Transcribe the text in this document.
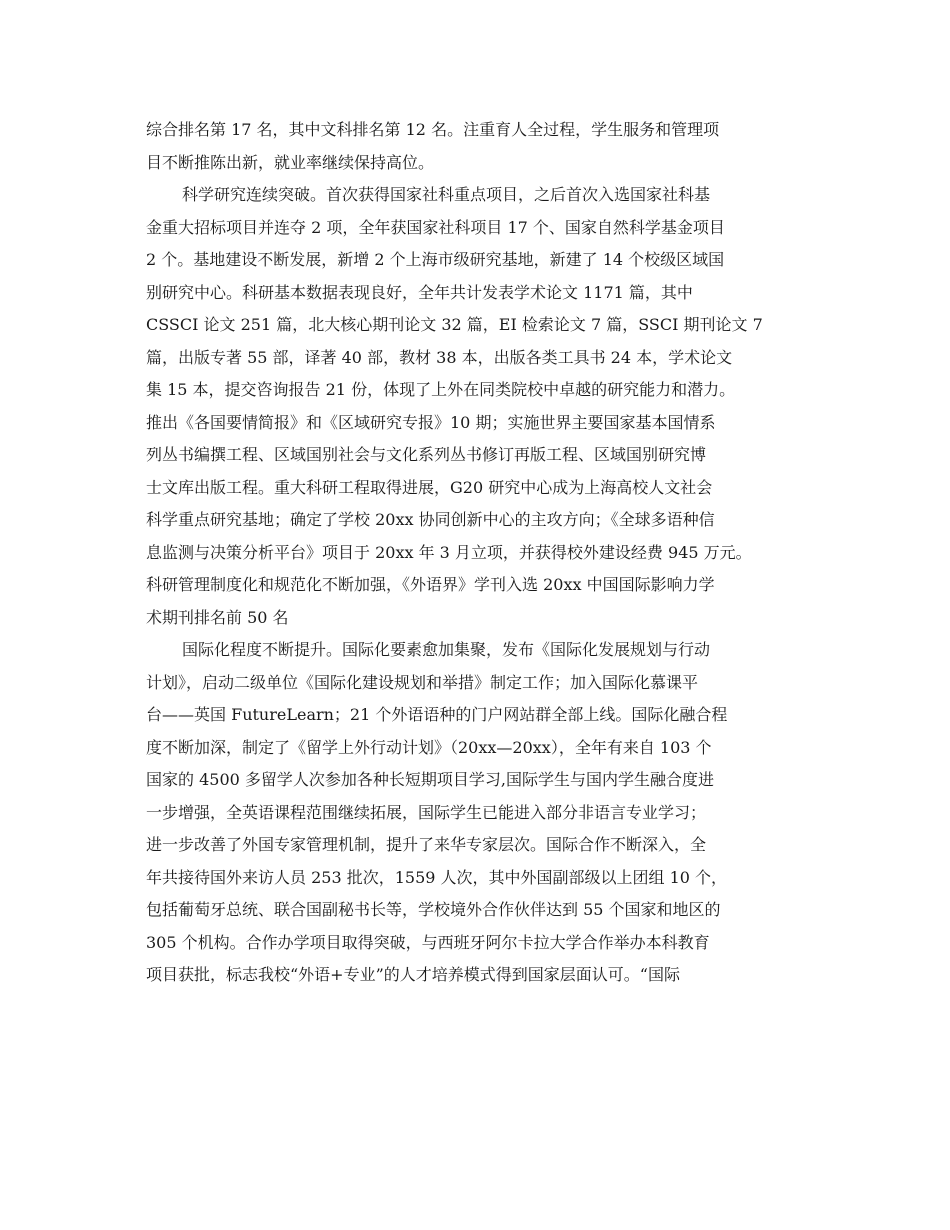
综合排名第 17 名，其中文科排名第 12 名。注重育人全过程，学生服务和管理项
目不断推陈出新，就业率继续保持高位。
科学研究连续突破。首次获得国家社科重点项目，之后首次入选国家社科基
金重大招标项目并连夺 2 项，全年获国家社科项目 17 个、国家自然科学基金项目
2 个。基地建设不断发展，新增 2 个上海市级研究基地，新建了 14 个校级区域国
别研究中心。科研基本数据表现良好，全年共计发表学术论文 1171 篇，其中
CSSCI 论文 251 篇，北大核心期刊论文 32 篇，EI 检索论文 7 篇，SSCI 期刊论文 7
篇，出版专著 55 部，译著 40 部，教材 38 本，出版各类工具书 24 本，学术论文
集 15 本，提交咨询报告 21 份，体现了上外在同类院校中卓越的研究能力和潜力。
推出《各国要情简报》和《区域研究专报》10 期；实施世界主要国家基本国情系
列丛书编撰工程、区域国别社会与文化系列丛书修订再版工程、区域国别研究博
士文库出版工程。重大科研工程取得进展，G20 研究中心成为上海高校人文社会
科学重点研究基地；确定了学校 20xx 协同创新中心的主攻方向；《全球多语种信
息监测与决策分析平台》项目于 20xx 年 3 月立项，并获得校外建设经费 945 万元。
科研管理制度化和规范化不断加强，《外语界》学刊入选 20xx 中国国际影响力学
术期刊排名前 50 名
国际化程度不断提升。国际化要素愈加集聚，发布《国际化发展规划与行动
计划》，启动二级单位《国际化建设规划和举措》制定工作；加入国际化慕课平
台——英国 FutureLearn；21 个外语语种的门户网站群全部上线。国际化融合程
度不断加深，制定了《留学上外行动计划》（20xx—20xx），全年有来自 103 个
国家的 4500 多留学人次参加各种长短期项目学习,国际学生与国内学生融合度进
一步增强，全英语课程范围继续拓展，国际学生已能进入部分非语言专业学习；
进一步改善了外国专家管理机制，提升了来华专家层次。国际合作不断深入，全
年共接待国外来访人员 253 批次，1559 人次，其中外国副部级以上团组 10 个，
包括葡萄牙总统、联合国副秘书长等，学校境外合作伙伴达到 55 个国家和地区的
305 个机构。合作办学项目取得突破，与西班牙阿尔卡拉大学合作举办本科教育
项目获批，标志我校“外语+专业”的人才培养模式得到国家层面认可。“国际
